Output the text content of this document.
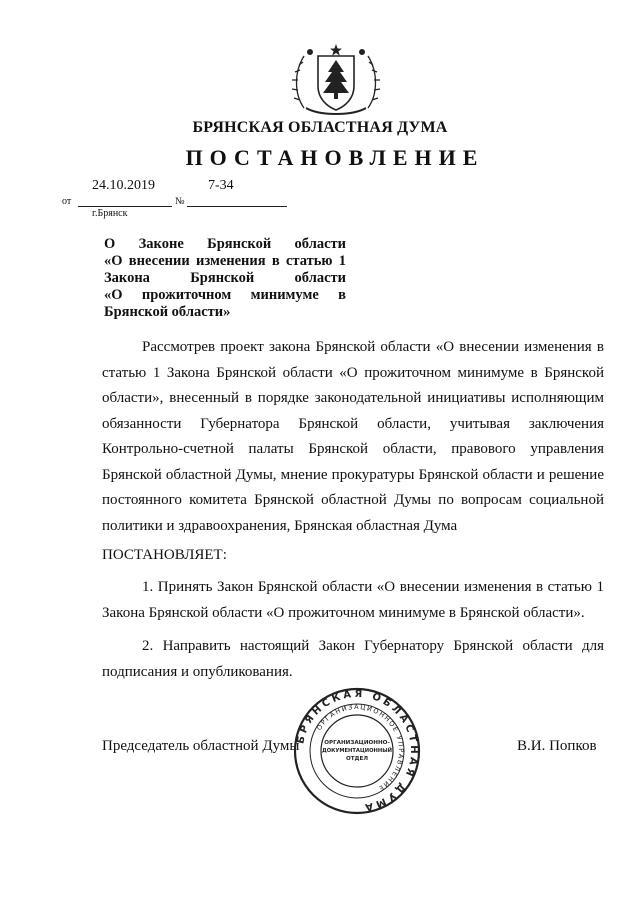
БРЯНСКАЯ ОБЛАСТНАЯ ДУМА
ПОСТАНОВЛЕНИЕ
24.10.2019	7-34
от	№
г.Брянск
О Законе Брянской области
«О внесении изменения в статью 1
Закона Брянской области
«О прожиточном минимуме в
Брянской области»
Рассмотрев проект закона Брянской области «О внесении изменения в статью 1 Закона Брянской области «О прожиточном минимуме в Брянской области», внесенный в порядке законодательной инициативы исполняющим обязанности Губернатора Брянской области, учитывая заключения Контрольно-счетной палаты Брянской области, правового управления Брянской областной Думы, мнение прокуратуры Брянской области и решение постоянного комитета Брянской областной Думы по вопросам социальной политики и здравоохранения, Брянская областная Дума
ПОСТАНОВЛЯЕТ:
1. Принять Закон Брянской области «О внесении изменения в статью 1 Закона Брянской области «О прожиточном минимуме в Брянской области».
2. Направить настоящий Закон Губернатору Брянской области для подписания и опубликования.
Председатель областной Думы	В.И. Попков
БРЯНСКАЯ ОБЛАСТНАЯ ДУМА
ОРГАНИЗАЦИОННОЕ УПРАВЛЕНИЕ
ОРГАНИЗАЦИОННО-
ДОКУМЕНТАЦИОННЫЙ
ОТДЕЛ
